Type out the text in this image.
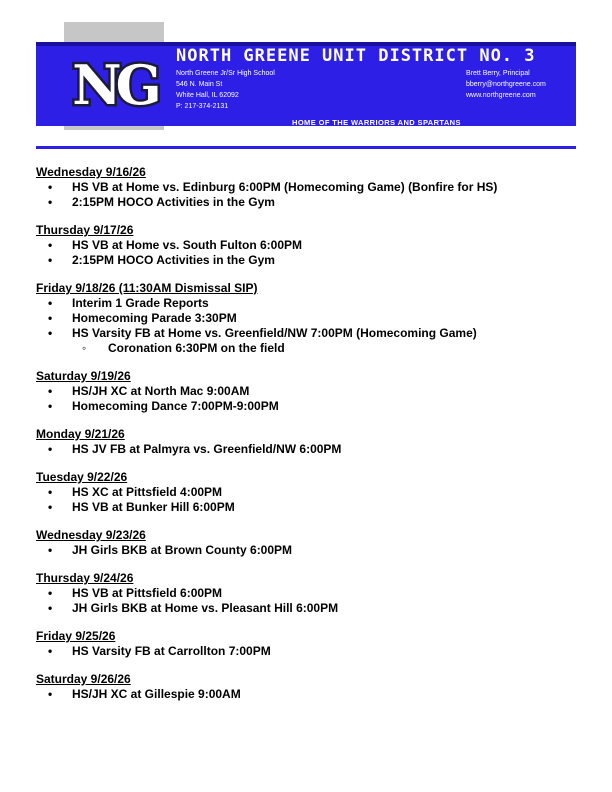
NG NORTH GREENE UNIT DISTRICT NO. 3
North Greene Jr/Sr High School
546 N. Main St
White Hall, IL 62092
P: 217-374-2131
Brett Berry, Principal
bberry@northgreene.com
www.northgreene.com
HOME OF THE WARRIORS AND SPARTANS
Wednesday 9/16/26
• HS VB at Home vs. Edinburg 6:00PM (Homecoming Game) (Bonfire for HS)
• 2:15PM HOCO Activities in the Gym
Thursday 9/17/26
• HS VB at Home vs. South Fulton 6:00PM
• 2:15PM HOCO Activities in the Gym
Friday 9/18/26 (11:30AM Dismissal SIP)
• Interim 1 Grade Reports
• Homecoming Parade 3:30PM
• HS Varsity FB at Home vs. Greenfield/NW 7:00PM (Homecoming Game)
◦ Coronation 6:30PM on the field
Saturday 9/19/26
• HS/JH XC at North Mac 9:00AM
• Homecoming Dance 7:00PM-9:00PM
Monday 9/21/26
• HS JV FB at Palmyra vs. Greenfield/NW 6:00PM
Tuesday 9/22/26
• HS XC at Pittsfield 4:00PM
• HS VB at Bunker Hill 6:00PM
Wednesday 9/23/26
• JH Girls BKB at Brown County 6:00PM
Thursday 9/24/26
• HS VB at Pittsfield 6:00PM
• JH Girls BKB at Home vs. Pleasant Hill 6:00PM
Friday 9/25/26
• HS Varsity FB at Carrollton 7:00PM
Saturday 9/26/26
• HS/JH XC at Gillespie 9:00AM
